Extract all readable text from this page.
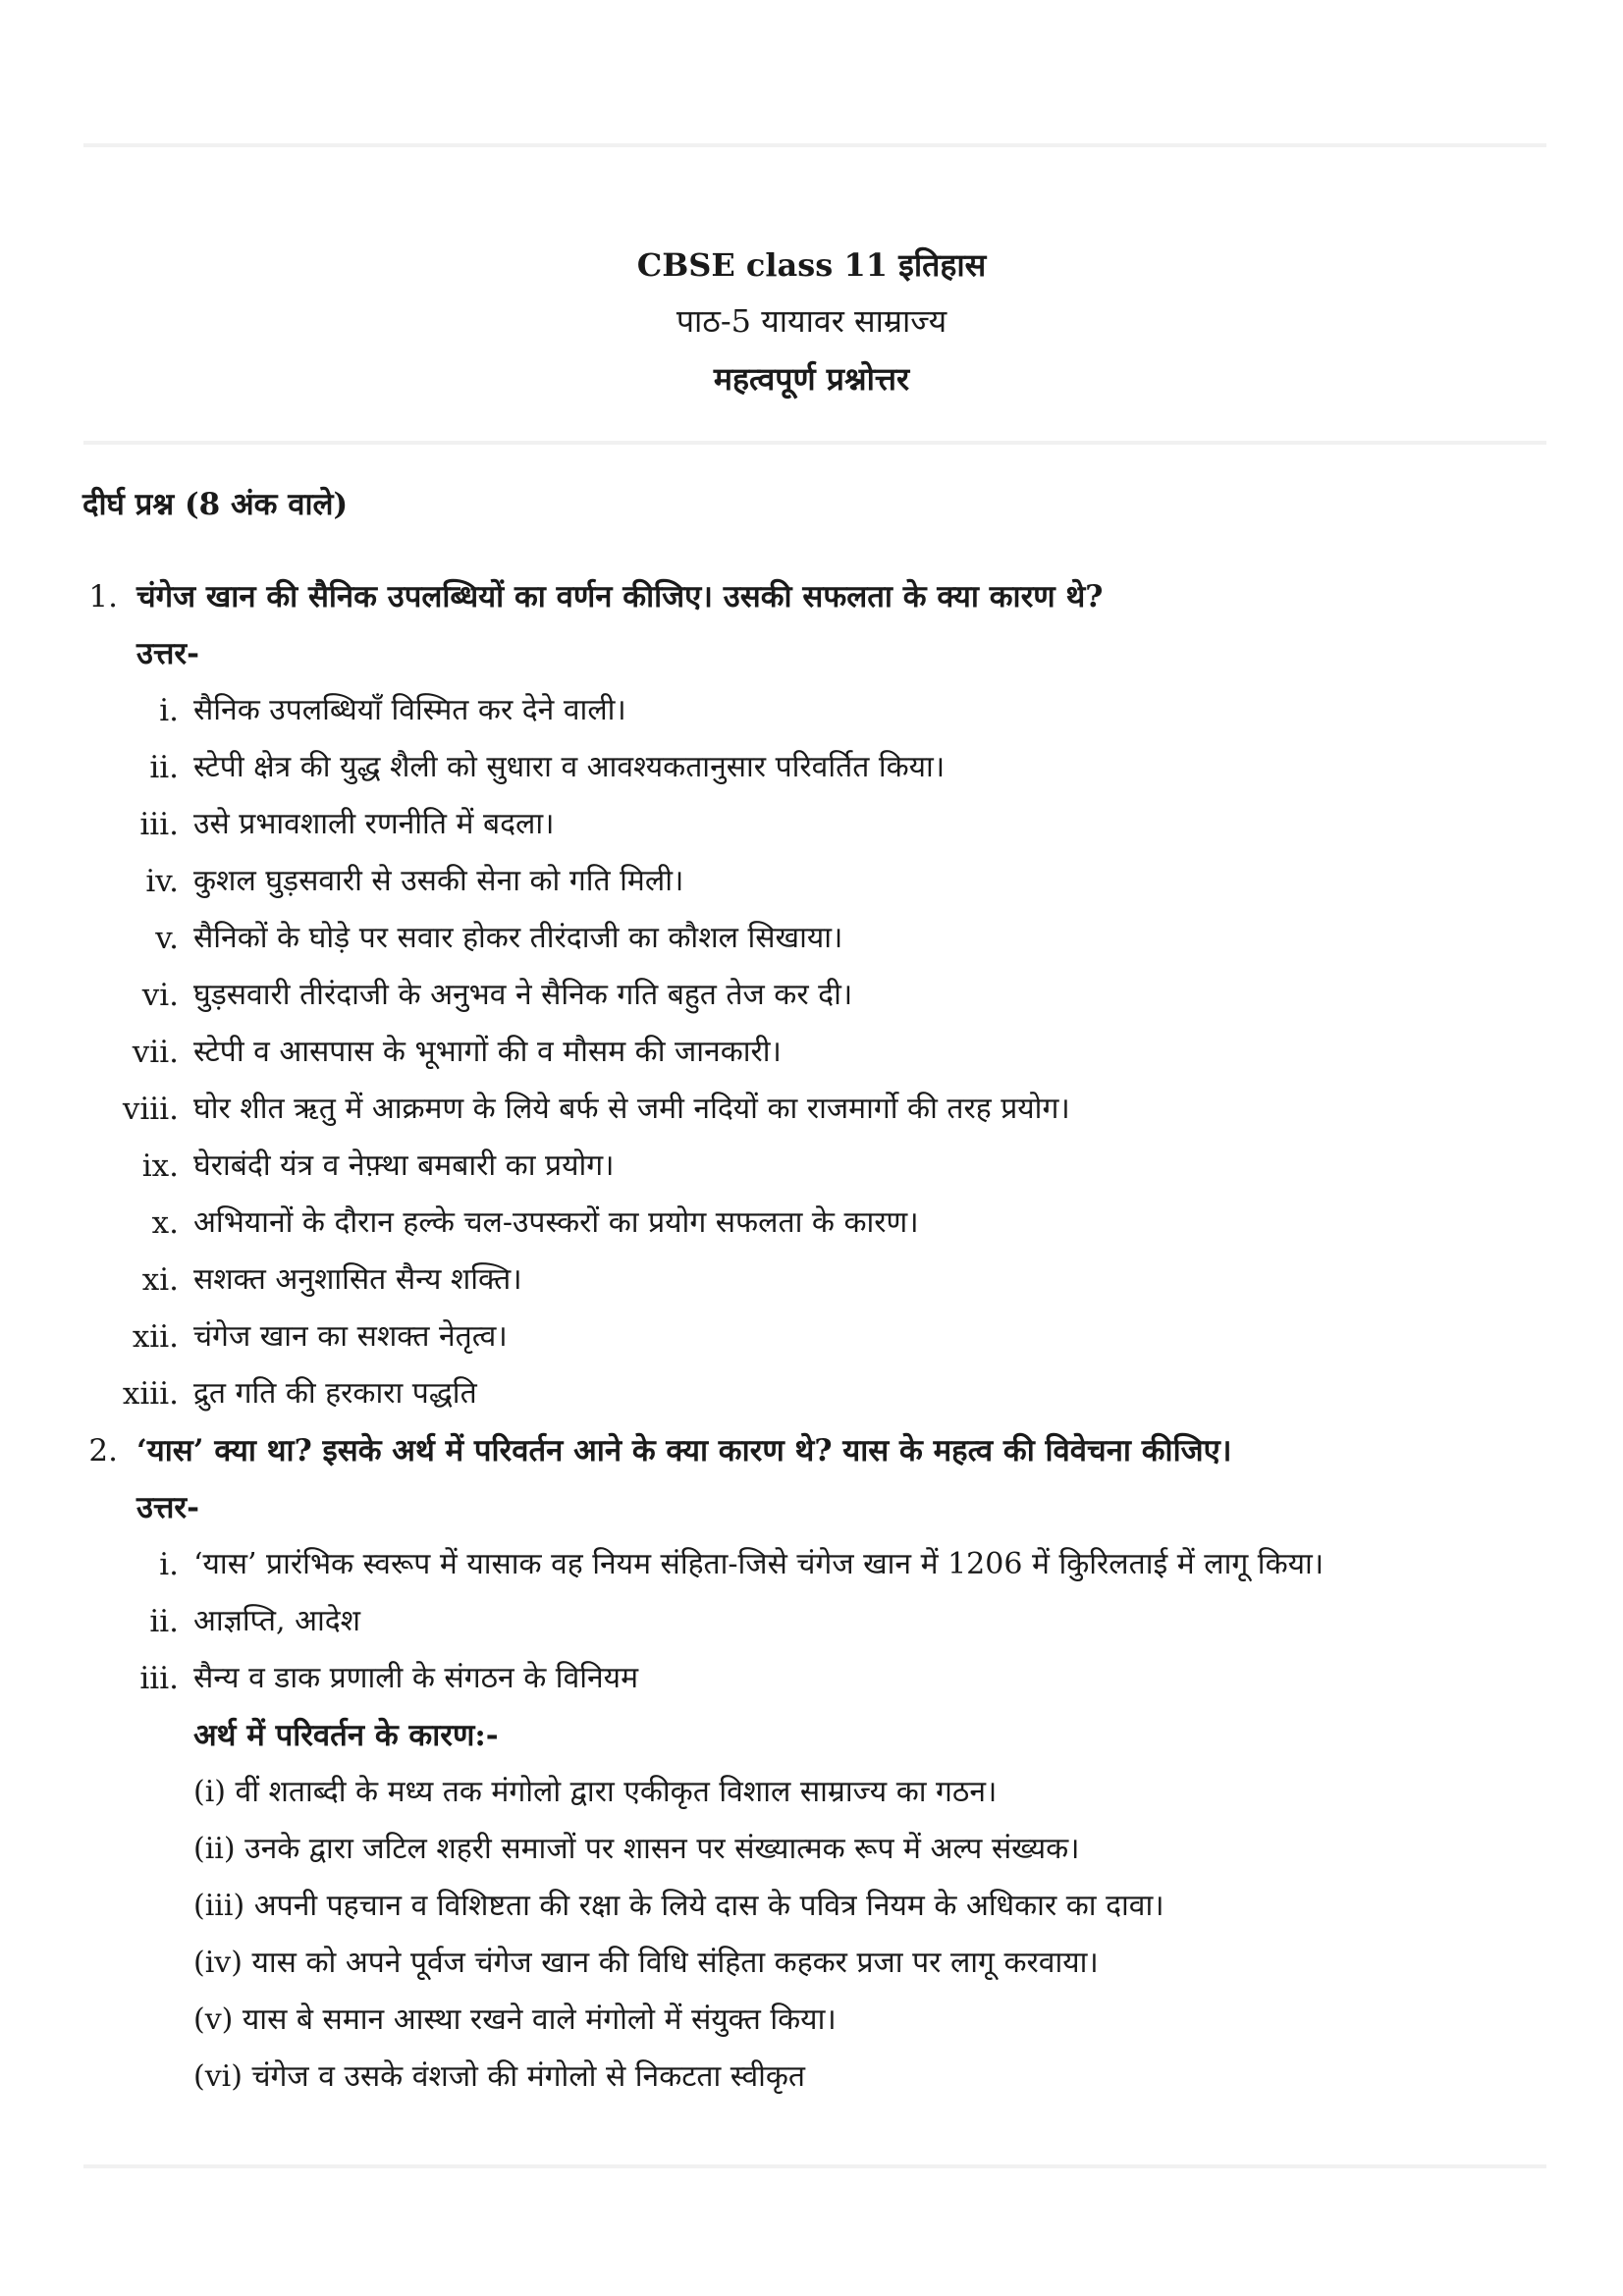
CBSE class 11 इतिहास
पाठ-5 यायावर साम्राज्य
महत्वपूर्ण प्रश्नोत्तर
दीर्घ प्रश्न (8 अंक वाले)
1. चंगेज खान की सैनिक उपलब्धियों का वर्णन कीजिए। उसकी सफलता के क्या कारण थे?
उत्तर-
i. सैनिक उपलब्धियाँ विस्मित कर देने वाली।
ii. स्टेपी क्षेत्र की युद्ध शैली को सुधारा व आवश्यकतानुसार परिवर्तित किया।
iii. उसे प्रभावशाली रणनीति में बदला।
iv. कुशल घुड़सवारी से उसकी सेना को गति मिली।
v. सैनिकों के घोड़े पर सवार होकर तीरंदाजी का कौशल सिखाया।
vi. घुड़सवारी तीरंदाजी के अनुभव ने सैनिक गति बहुत तेज कर दी।
vii. स्टेपी व आसपास के भूभागों की व मौसम की जानकारी।
viii. घोर शीत ऋतु में आक्रमण के लिये बर्फ से जमी नदियों का राजमार्गो की तरह प्रयोग।
ix. घेराबंदी यंत्र व नेफ़्था बमबारी का प्रयोग।
x. अभियानों के दौरान हल्के चल-उपस्करों का प्रयोग सफलता के कारण।
xi. सशक्त अनुशासित सैन्य शक्ति।
xii. चंगेज खान का सशक्त नेतृत्व।
xiii. द्रुत गति की हरकारा पद्धति
2. ‘यास’ क्या था? इसके अर्थ में परिवर्तन आने के क्या कारण थे? यास के महत्व की विवेचना कीजिए।
उत्तर-
i. ‘यास’ प्रारंभिक स्वरूप में यासाक वह नियम संहिता-जिसे चंगेज खान में 1206 में किुरिलताई में लागू किया।
ii. आज्ञप्ति, आदेश
iii. सैन्य व डाक प्रणाली के संगठन के विनियम
अर्थ में परिवर्तन के कारण:-
(i) वीं शताब्दी के मध्य तक मंगोलो द्वारा एकीकृत विशाल साम्राज्य का गठन।
(ii) उनके द्वारा जटिल शहरी समाजों पर शासन पर संख्यात्मक रूप में अल्प संख्यक।
(iii) अपनी पहचान व विशिष्टता की रक्षा के लिये दास के पवित्र नियम के अधिकार का दावा।
(iv) यास को अपने पूर्वज चंगेज खान की विधि संहिता कहकर प्रजा पर लागू करवाया।
(v) यास बे समान आस्था रखने वाले मंगोलो में संयुक्त किया।
(vi) चंगेज व उसके वंशजो की मंगोलो से निकटता स्वीकृत
